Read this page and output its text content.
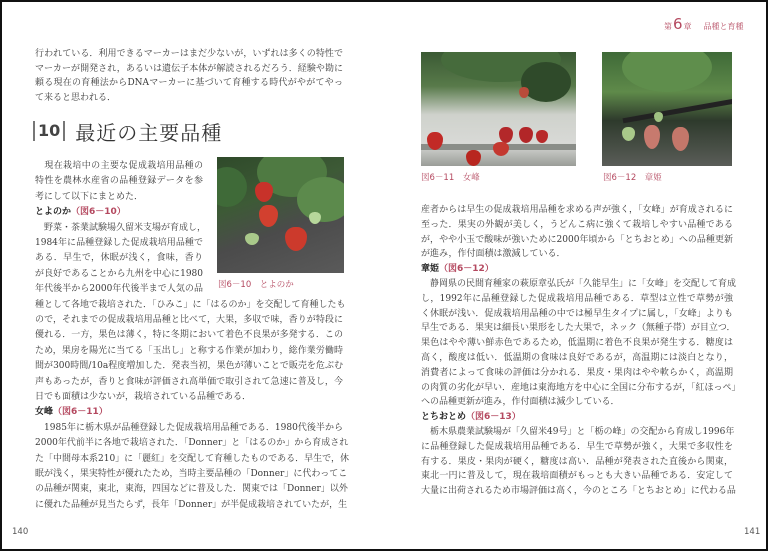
第6章 品種と育種
行われている．利用できるマーカーはまだ少ないが，いずれは多くの特性で
マーカーが開発され，あるいは遺伝子本体が解読されるだろう．経験や勘に
頼る現在の育種法からDNAマーカーに基づいて育種する時代がやがてやっ
て来ると思われる．
10 最近の主要品種
　現在栽培中の主要な促成栽培用品種の
特性を農林水産省の品種登録データを参
考にして以下にまとめた．
とよのか（図6－10）
　野菜・茶業試験場久留米支場が育成し，
1984年に品種登録した促成栽培用品種で
ある．早生で，休眠が浅く，食味，香り
が良好であることから九州を中心に1980
年代後半から2000年代後半まで人気の品
種として各地で栽培された．「ひみこ」に「はるのか」を交配して育種したも
ので，それまでの促成栽培用品種と比べて，大果，多収で味，香りが特段に
優れる．一方，果色は薄く，特に冬期において着色不良果が多発する．この
ため，果房を陽光に当てる「玉出し」と称する作業が加わり，総作業労働時
間が300時間/10a程度増加した．発表当初，果色が薄いことで販売を危ぶむ
声もあったが，香りと食味が評価され高単価で取引されて急速に普及し，今
日でも面積は少ないが，栽培されている品種である．
女峰（図6－11）
　1985年に栃木県が品種登録した促成栽培用品種である．1980代後半から
2000年代前半に各地で栽培された．「Donner」と「はるのか」から育成され
た「中間母本系210」に「麗紅」を交配して育種したものである．早生で，休
眠が浅く，果実特性が優れたため，当時主要品種の「Donner」に代わってこ
の品種が関東，東北，東海，四国などに普及した．関東では「Donner」以外
に優れた品種が見当たらず，長年「Donner」が半促成栽培されていたが，生
図6－10　とよのか
140
図6－11　女峰	図6－12　章姫
産者からは早生の促成栽培用品種を求める声が強く，「女峰」が育成されるに
至った．果実の外観が美しく，うどんこ病に強くて栽培しやすい品種である
が，やや小玉で酸味が強いために2000年頃から「とちおとめ」への品種更新
が進み，作付面積は激減している．
章姫（図6－12）
　静岡県の民間育種家の萩原章弘氏が「久能早生」に「女峰」を交配して育成
し，1992年に品種登録した促成栽培用品種である．草型は立性で草勢が強
く休眠が浅い．促成栽培用品種の中では極早生タイプに属し，「女峰」よりも
早生である．果実は細長い果形をした大果で，ネック（無種子帯）が目立つ．
果色はやや薄い鮮赤色であるため，低温期に着色不良果が発生する．糖度は
高く，酸度は低い．低温期の食味は良好であるが，高温期には淡白となり，
消費者によって食味の評価は分かれる．果皮・果肉はやや軟らかく，高温期
の肉質の劣化が早い．産地は東海地方を中心に全国に分布するが，「紅ほっぺ」
への品種更新が進み，作付面積は減少している．
とちおとめ（図6－13）
　栃木県農業試験場が「久留米49号」と「栃の峰」の交配から育成し1996年
に品種登録した促成栽培用品種である．早生で草勢が強く，大果で多収性を
有する．果皮・果肉が硬く，糖度は高い．品種が発表された直後から関東，
東北一円に普及して，現在栽培面積がもっとも大きい品種である．安定して
大量に出荷されるため市場評価は高く，今のところ「とちおとめ」に代わる品
141
